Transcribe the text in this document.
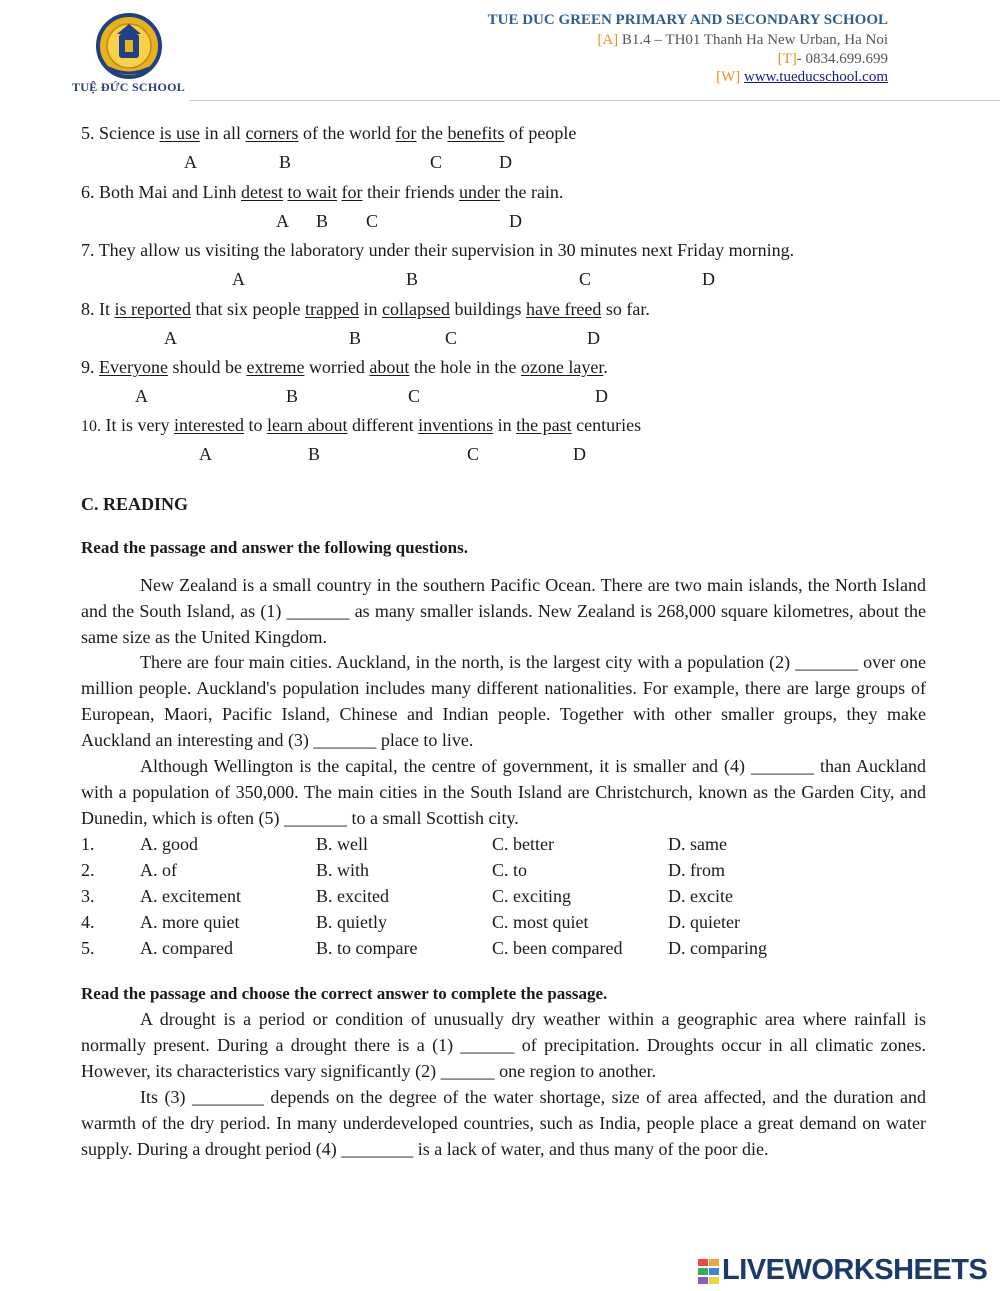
TUỆ ĐỨC SCHOOL
TUE DUC GREEN PRIMARY AND SECONDARY SCHOOL
[A] B1.4 – TH01 Thanh Ha New Urban, Ha Noi
[T]- 0834.699.699
[W] www.tueducschool.com
5. Science is use in all corners of the world for the benefits of people
A	B	C	D
6. Both Mai and Linh detest to wait for their friends under the rain.
A B C	D
7. They allow us visiting the laboratory under their supervision in 30 minutes next Friday morning.
A	B	C	D
8. It is reported that six people trapped in collapsed buildings have freed so far.
A	B	C	D
9. Everyone should be extreme worried about the hole in the ozone layer.
A	B	C	D
10. It is very interested to learn about different inventions in the past centuries
A	B	C	D
C. READING
Read the passage and answer the following questions.
New Zealand is a small country in the southern Pacific Ocean. There are two main islands, the North Island and the South Island, as (1) _______ as many smaller islands. New Zealand is 268,000 square kilometres, about the same size as the United Kingdom.
There are four main cities. Auckland, in the north, is the largest city with a population (2) _______ over one million people. Auckland's population includes many different nationalities. For example, there are large groups of European, Maori, Pacific Island, Chinese and Indian people. Together with other smaller groups, they make Auckland an interesting and (3) _______ place to live.
Although Wellington is the capital, the centre of government, it is smaller and (4) _______ than Auckland with a population of 350,000. The main cities in the South Island are Christchurch, known as the Garden City, and Dunedin, which is often (5) _______ to a small Scottish city.
1.	A. good	B. well	C. better	D. same
2.	A. of	B. with	C. to	D. from
3.	A. excitement	B. excited	C. exciting	D. excite
4.	A. more quiet	B. quietly	C. most quiet	D. quieter
5.	A. compared	B. to compare	C. been compared	D. comparing
Read the passage and choose the correct answer to complete the passage.
A drought is a period or condition of unusually dry weather within a geographic area where rainfall is normally present. During a drought there is a (1) ______ of precipitation. Droughts occur in all climatic zones. However, its characteristics vary significantly (2) ______ one region to another.
Its (3) ________ depends on the degree of the water shortage, size of area affected, and the duration and warmth of the dry period. In many underdeveloped countries, such as India, people place a great demand on water supply. During a drought period (4) ________ is a lack of water, and thus many of the poor die.
LIVEWORKSHEETS
